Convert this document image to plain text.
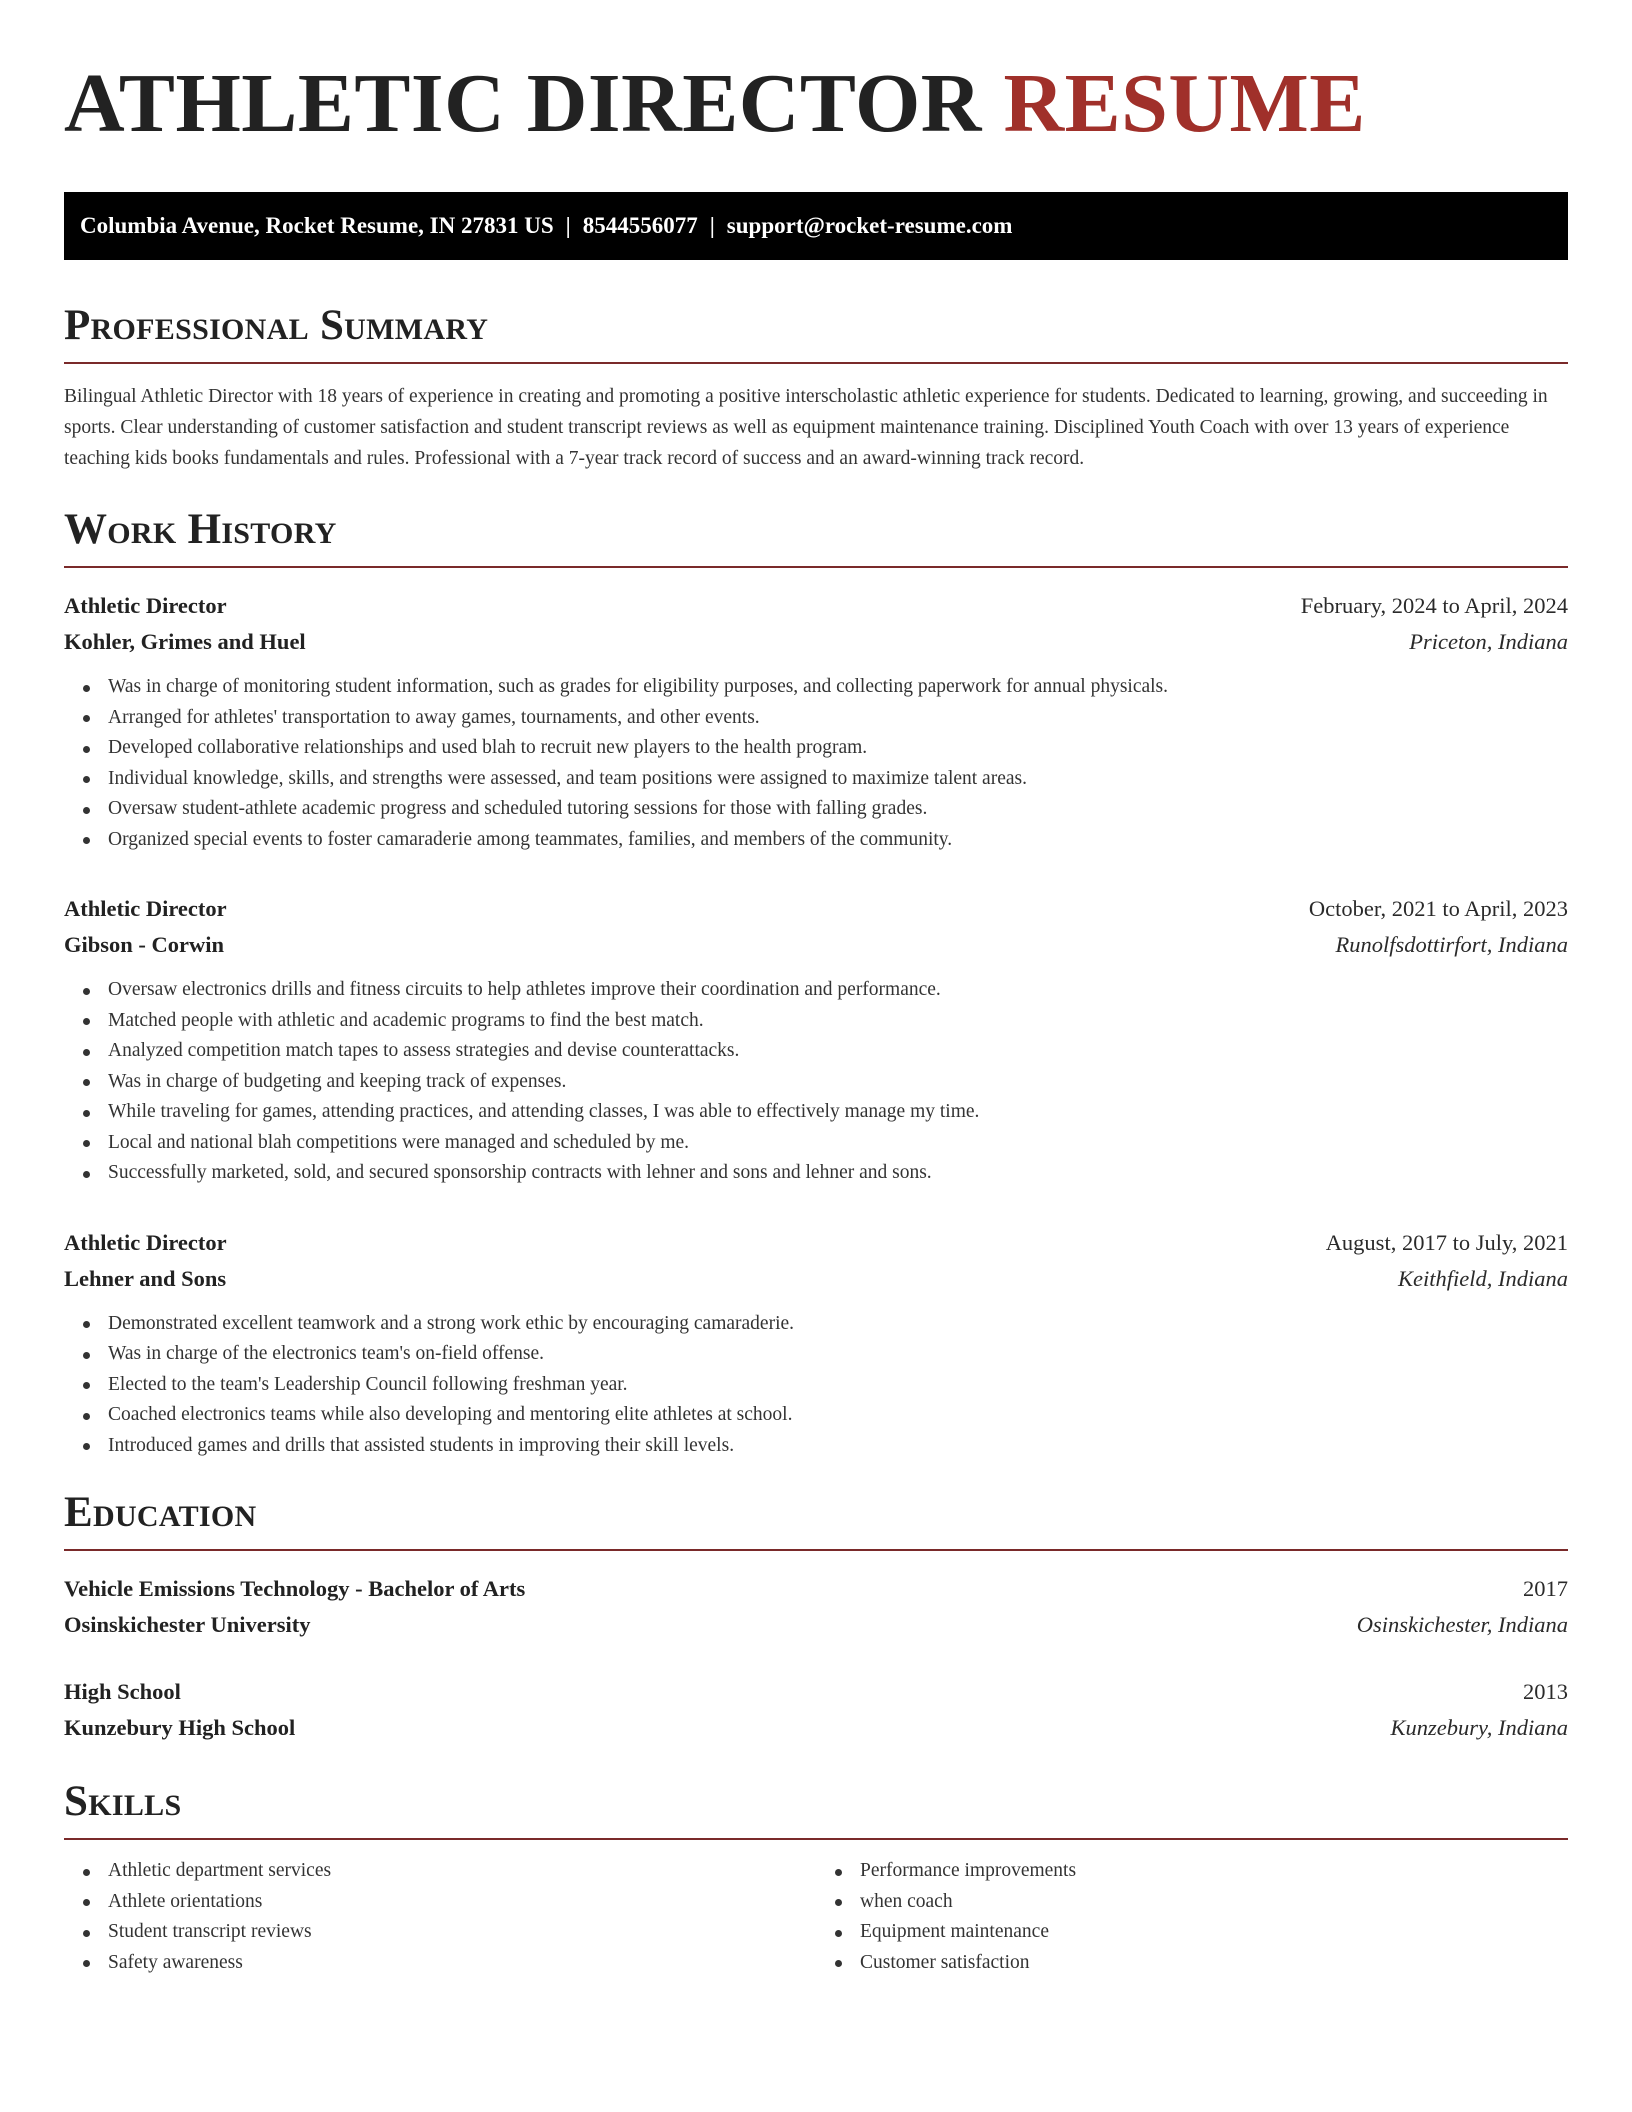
ATHLETIC DIRECTOR RESUME
Columbia Avenue, Rocket Resume, IN 27831 US | 8544556077 | support@rocket-resume.com
Professional Summary

Bilingual Athletic Director with 18 years of experience in creating and promoting a positive interscholastic athletic experience for students. Dedicated to learning, growing, and succeeding in sports. Clear understanding of customer satisfaction and student transcript reviews as well as equipment maintenance training. Disciplined Youth Coach with over 13 years of experience teaching kids books fundamentals and rules. Professional with a 7-year track record of success and an award-winning track record.

Work History
Athletic Director	February, 2024 to April, 2024
Kohler, Grimes and Huel	Priceton, Indiana
Was in charge of monitoring student information, such as grades for eligibility purposes, and collecting paperwork for annual physicals.
Arranged for athletes' transportation to away games, tournaments, and other events.
Developed collaborative relationships and used blah to recruit new players to the health program.
Individual knowledge, skills, and strengths were assessed, and team positions were assigned to maximize talent areas.
Oversaw student-athlete academic progress and scheduled tutoring sessions for those with falling grades.
Organized special events to foster camaraderie among teammates, families, and members of the community.
Athletic Director	October, 2021 to April, 2023
Gibson - Corwin	Runolfsdottirfort, Indiana
Oversaw electronics drills and fitness circuits to help athletes improve their coordination and performance.
Matched people with athletic and academic programs to find the best match.
Analyzed competition match tapes to assess strategies and devise counterattacks.
Was in charge of budgeting and keeping track of expenses.
While traveling for games, attending practices, and attending classes, I was able to effectively manage my time.
Local and national blah competitions were managed and scheduled by me.
Successfully marketed, sold, and secured sponsorship contracts with lehner and sons and lehner and sons.
Athletic Director	August, 2017 to July, 2021
Lehner and Sons	Keithfield, Indiana
Demonstrated excellent teamwork and a strong work ethic by encouraging camaraderie.
Was in charge of the electronics team's on-field offense.
Elected to the team's Leadership Council following freshman year.
Coached electronics teams while also developing and mentoring elite athletes at school.
Introduced games and drills that assisted students in improving their skill levels.
Education
Vehicle Emissions Technology - Bachelor of Arts	2017
Osinskichester University	Osinskichester, Indiana
High School	2013
Kunzebury High School	Kunzebury, Indiana
Skills
Athletic department services
Athlete orientations
Student transcript reviews
Safety awareness
Performance improvements
when coach
Equipment maintenance
Customer satisfaction
